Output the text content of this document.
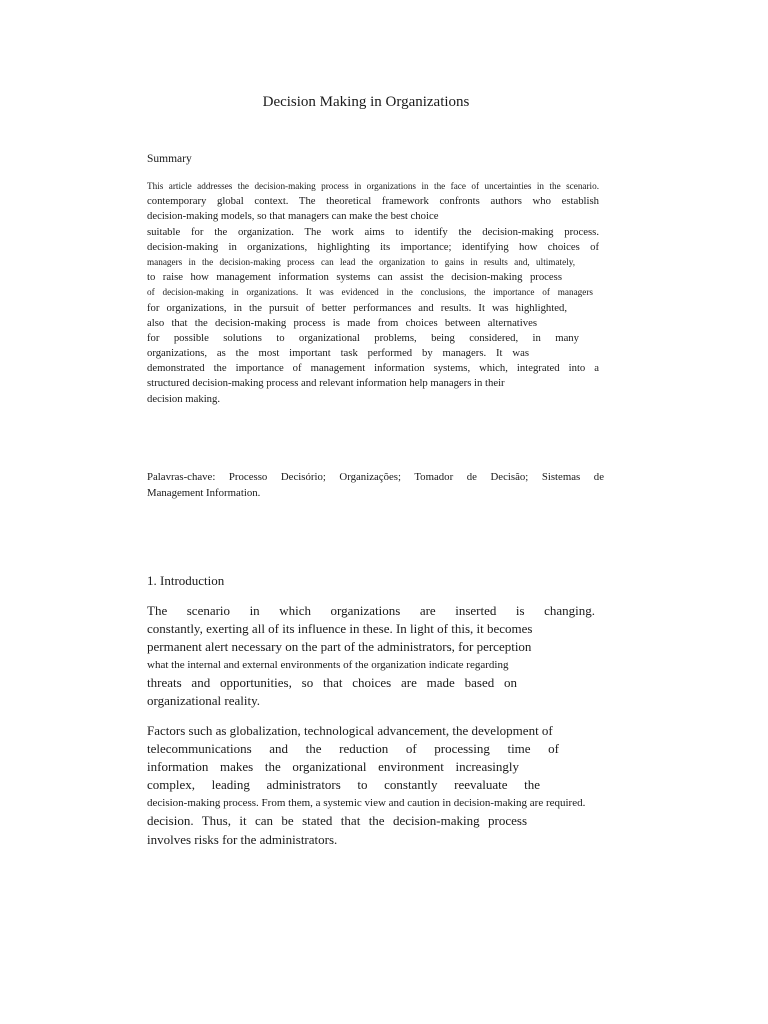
Decision Making in Organizations
Summary
This article addresses the decision-making process in organizations in the face of uncertainties in the scenario.
contemporary global context. The theoretical framework confronts authors who establish
decision-making models, so that managers can make the best choice
suitable for the organization. The work aims to identify the decision-making process.
decision-making in organizations, highlighting its importance; identifying how choices of
managers in the decision-making process can lead the organization to gains in results and, ultimately,
to raise how management information systems can assist the decision-making process
of decision-making in organizations. It was evidenced in the conclusions, the importance of managers
for organizations, in the pursuit of better performances and results. It was highlighted,
also that the decision-making process is made from choices between alternatives
for possible solutions to organizational problems, being considered, in many
organizations, as the most important task performed by managers. It was
demonstrated the importance of management information systems, which, integrated into a
structured decision-making process and relevant information help managers in their
decision making.
Palavras-chave: Processo Decisório; Organizações; Tomador de Decisão; Sistemas de
Management Information.
1. Introduction
The scenario in which organizations are inserted is changing.
constantly, exerting all of its influence in these. In light of this, it becomes
permanent alert necessary on the part of the administrators, for perception
what the internal and external environments of the organization indicate regarding
threats and opportunities, so that choices are made based on
organizational reality.
Factors such as globalization, technological advancement, the development of
telecommunications and the reduction of processing time of
information makes the organizational environment increasingly
complex, leading administrators to constantly reevaluate the
decision-making process. From them, a systemic view and caution in decision-making are required.
decision. Thus, it can be stated that the decision-making process
involves risks for the administrators.
